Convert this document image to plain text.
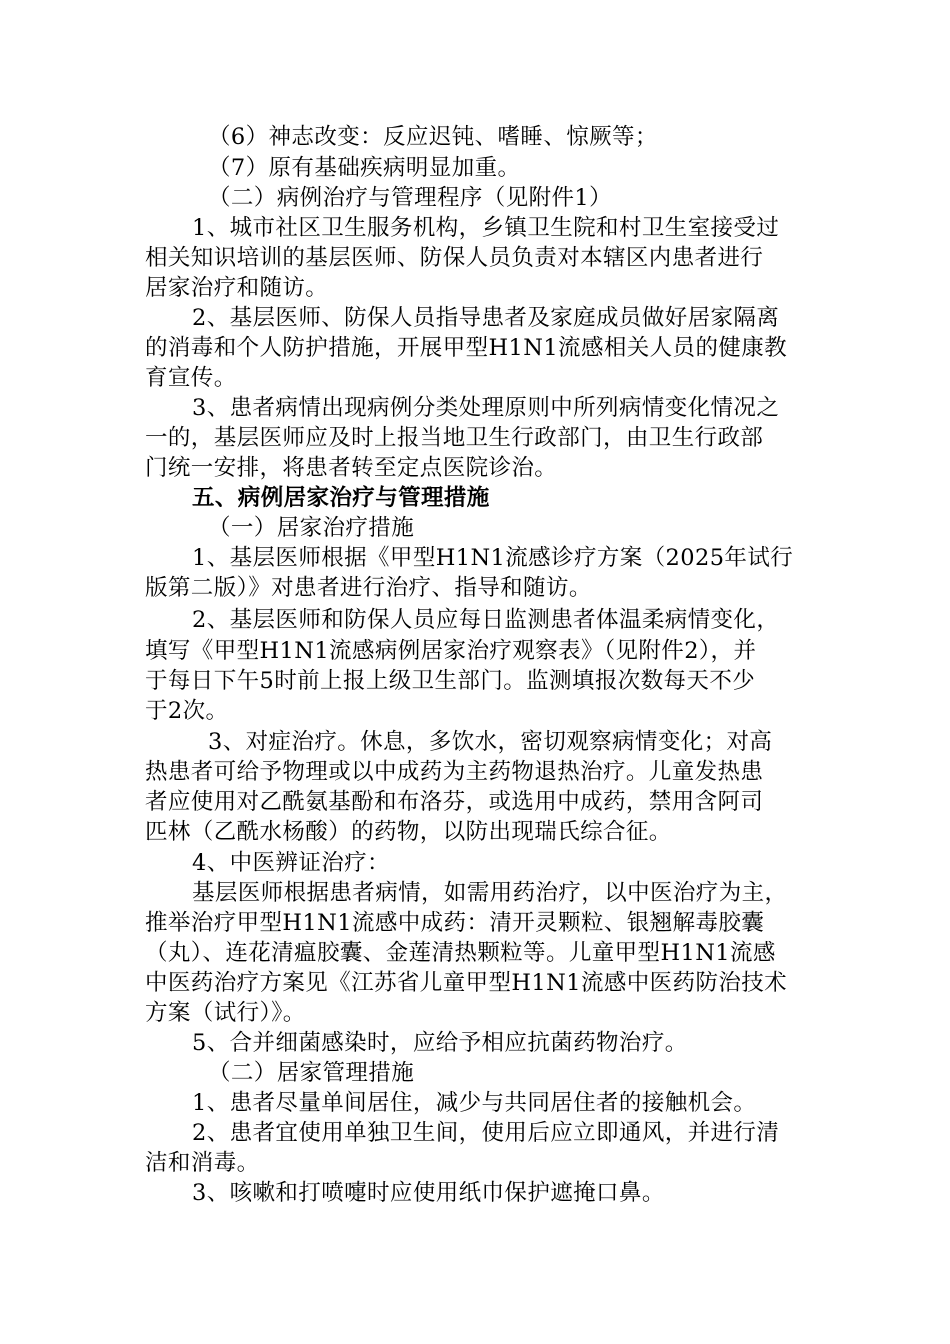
（6）神志改变：反应迟钝、嗜睡、惊厥等；
（7）原有基础疾病明显加重。
（二）病例治疗与管理程序（见附件1）
1、城市社区卫生服务机构，乡镇卫生院和村卫生室接受过
相关知识培训的基层医师、防保人员负责对本辖区内患者进行
居家治疗和随访。
2、基层医师、防保人员指导患者及家庭成员做好居家隔离
的消毒和个人防护措施，开展甲型H1N1流感相关人员的健康教
育宣传。
3、患者病情出现病例分类处理原则中所列病情变化情况之
一的，基层医师应及时上报当地卫生行政部门，由卫生行政部
门统一安排，将患者转至定点医院诊治。
五、病例居家治疗与管理措施
（一）居家治疗措施
1、基层医师根据《甲型H1N1流感诊疗方案（2025年试行
版第二版）》对患者进行治疗、指导和随访。
2、基层医师和防保人员应每日监测患者体温柔病情变化，
填写《甲型H1N1流感病例居家治疗观察表》（见附件2），并
于每日下午5时前上报上级卫生部门。监测填报次数每天不少
于2次。
3、对症治疗。休息，多饮水，密切观察病情变化；对高
热患者可给予物理或以中成药为主药物退热治疗。儿童发热患
者应使用对乙酰氨基酚和布洛芬，或选用中成药，禁用含阿司
匹林（乙酰水杨酸）的药物，以防出现瑞氏综合征。
4、中医辨证治疗：
基层医师根据患者病情，如需用药治疗，以中医治疗为主，
推举治疗甲型H1N1流感中成药：清开灵颗粒、银翘解毒胶囊
（丸）、连花清瘟胶囊、金莲清热颗粒等。儿童甲型H1N1流感
中医药治疗方案见《江苏省儿童甲型H1N1流感中医药防治技术
方案（试行）》。
5、合并细菌感染时，应给予相应抗菌药物治疗。
（二）居家管理措施
1、患者尽量单间居住，减少与共同居住者的接触机会。
2、患者宜使用单独卫生间，使用后应立即通风，并进行清
洁和消毒。
3、咳嗽和打喷嚏时应使用纸巾保护遮掩口鼻。
